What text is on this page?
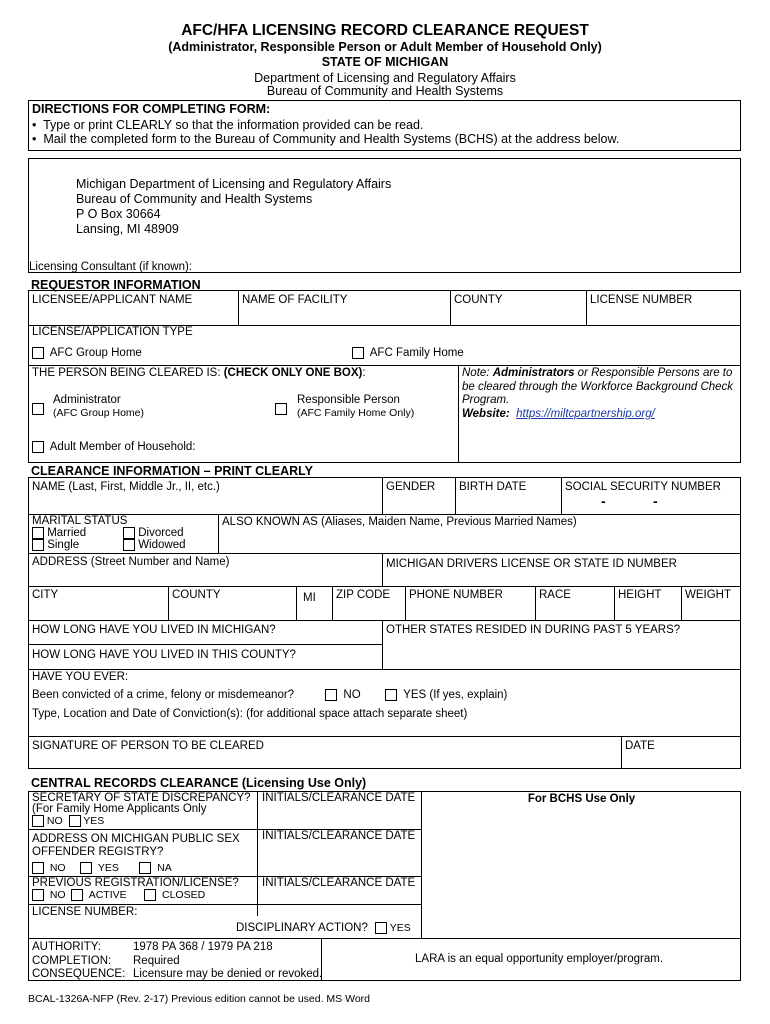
AFC/HFA LICENSING RECORD CLEARANCE REQUEST
(Administrator, Responsible Person or Adult Member of Household Only)
STATE OF MICHIGAN
Department of Licensing and Regulatory Affairs
Bureau of Community and Health Systems
DIRECTIONS FOR COMPLETING FORM:
•  Type or print CLEARLY so that the information provided can be read.
•  Mail the completed form to the Bureau of Community and Health Systems (BCHS) at the address below.
Michigan Department of Licensing and Regulatory Affairs
Bureau of Community and Health Systems
P O Box 30664
Lansing, MI 48909
Licensing Consultant (if known):
REQUESTOR INFORMATION
LICENSEE/APPLICANT NAME	NAME OF FACILITY	COUNTY	LICENSE NUMBER
LICENSE/APPLICATION TYPE
AFC Group Home	AFC Family Home
THE PERSON BEING CLEARED IS: (CHECK ONLY ONE BOX):
Administrator
(AFC Group Home)
Responsible Person
(AFC Family Home Only)
Adult Member of Household:
Note: Administrators or Responsible Persons are to be cleared through the Workforce Background Check Program.
Website: https://miltcpartnership.org/
CLEARANCE INFORMATION – PRINT CLEARLY
NAME (Last, First, Middle Jr., II, etc.)	GENDER BIRTH DATE	SOCIAL SECURITY NUMBER
-	-
MARITAL STATUS
Married
Single
Divorced
Widowed
ALSO KNOWN AS (Aliases, Maiden Name, Previous Married Names)
ADDRESS (Street Number and Name)	MICHIGAN DRIVERS LICENSE OR STATE ID NUMBER
CITY	COUNTY	MI ZIP CODE PHONE NUMBER	RACE	HEIGHT WEIGHT
HOW LONG HAVE YOU LIVED IN MICHIGAN?	OTHER STATES RESIDED IN DURING PAST 5 YEARS?
HOW LONG HAVE YOU LIVED IN THIS COUNTY?
HAVE YOU EVER:
Been convicted of a crime, felony or misdemeanor?	NO	YES (If yes, explain)
Type, Location and Date of Conviction(s): (for additional space attach separate sheet)
SIGNATURE OF PERSON TO BE CLEARED	DATE
CENTRAL RECORDS CLEARANCE (Licensing Use Only)
SECRETARY OF STATE DISCREPANCY?
(For Family Home Applicants Only
NO YES
INITIALS/CLEARANCE DATE	For BCHS Use Only
ADDRESS ON MICHIGAN PUBLIC SEX
OFFENDER REGISTRY?
INITIALS/CLEARANCE DATE
NO	YES	NA
PREVIOUS REGISTRATION/LICENSE? INITIALS/CLEARANCE DATE
NO ACTIVE	CLOSED
LICENSE NUMBER:
DISCIPLINARY ACTION?	YES
AUTHORITY:	1978 PA 368 / 1979 PA 218
COMPLETION: Required
CONSEQUENCE: Licensure may be denied or revoked.
LARA is an equal opportunity employer/program.
BCAL-1326A-NFP (Rev. 2-17) Previous edition cannot be used. MS Word
